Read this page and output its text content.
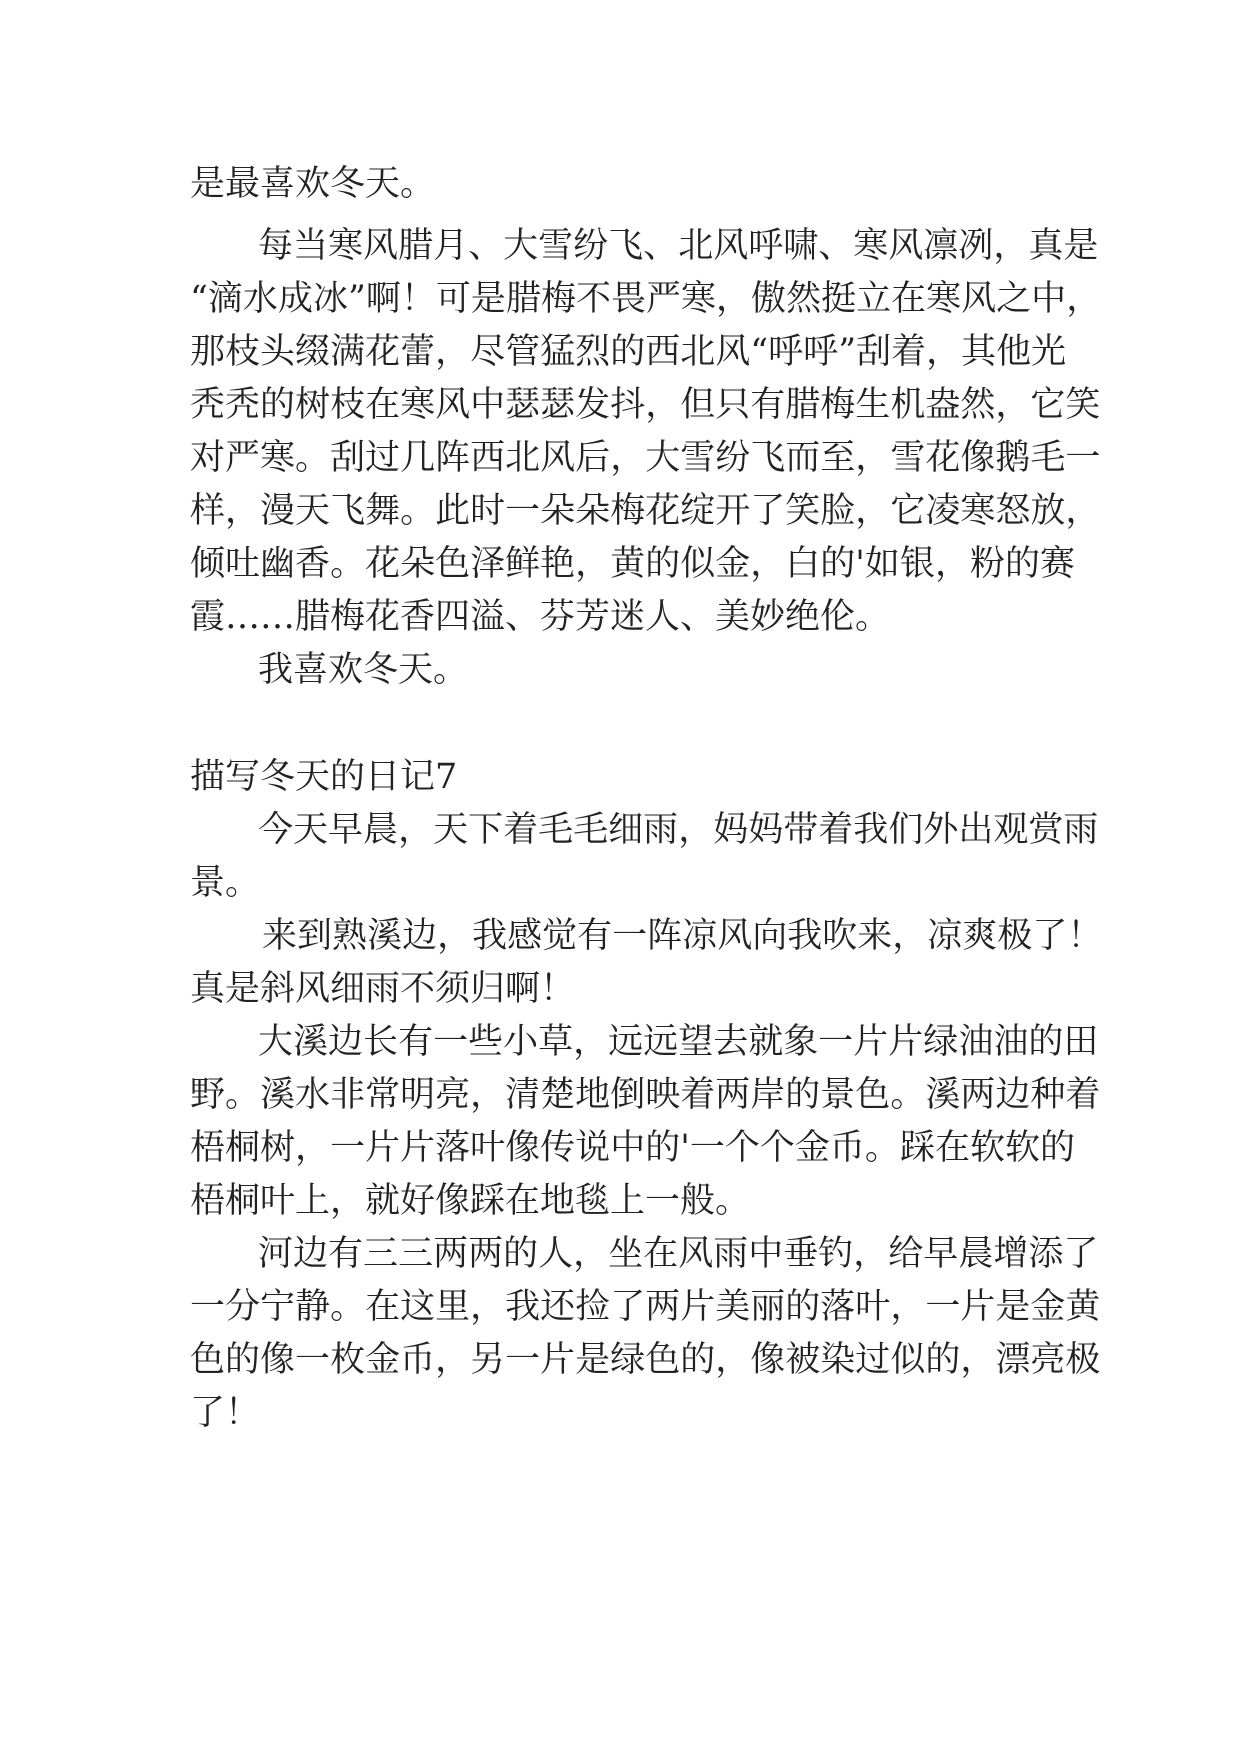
是最喜欢冬天。
每 当 寒 风 腊 月 、 大 雪 纷 飞 、 北 风 呼 啸 、 寒 风 凛 冽 ， 真 是
“ 滴 水 成 冰 ” 啊 ！ 可 是 腊 梅 不 畏 严 寒 ， 傲 然 挺 立 在 寒 风 之 中 ，
那 枝 头 缀 满 花 蕾 ， 尽 管 猛 烈 的 西 北 风 “ 呼 呼 ” 刮 着 ， 其 他 光
秃 秃 的 树 枝 在 寒 风 中 瑟 瑟 发 抖 ， 但 只 有 腊 梅 生 机 盎 然 ， 它 笑
对 严 寒 。 刮 过 几 阵 西 北 风 后 ， 大 雪 纷 飞 而 至 ， 雪 花 像 鹅 毛 一
样 ， 漫 天 飞 舞 。 此 时 一 朵 朵 梅 花 绽 开 了 笑 脸 ， 它 凌 寒 怒 放 ，
倾 吐 幽 香 。 花 朵 色 泽 鲜 艳 ， 黄 的 似 金 ， 白 的 ' 如 银 ， 粉 的 赛
霞……腊梅花香四溢、芬芳迷人、美妙绝伦。
我喜欢冬天。
描写冬天的日记7
今 天 早 晨 ， 天 下 着 毛 毛 细 雨 ， 妈 妈 带 着 我 们 外 出 观 赏 雨
景。
来 到 熟 溪 边 ， 我 感 觉 有 一 阵 凉 风 向 我 吹 来 ， 凉 爽 极 了 ！
真是斜风细雨不须归啊！
大 溪 边 长 有 一 些 小 草 ， 远 远 望 去 就 象 一 片 片 绿 油 油 的 田
野 。 溪 水 非 常 明 亮 ， 清 楚 地 倒 映 着 两 岸 的 景 色 。 溪 两 边 种 着
梧 桐 树 ， 一 片 片 落 叶 像 传 说 中 的 ' 一 个 个 金 币 。 踩 在 软 软 的
梧桐叶上，就好像踩在地毯上一般。
河 边 有 三 三 两 两 的 人 ， 坐 在 风 雨 中 垂 钓 ， 给 早 晨 增 添 了
一 分 宁 静 。 在 这 里 ， 我 还 捡 了 两 片 美 丽 的 落 叶 ， 一 片 是 金 黄
色 的 像 一 枚 金 币 ， 另 一 片 是 绿 色 的 ， 像 被 染 过 似 的 ， 漂 亮 极
了！
